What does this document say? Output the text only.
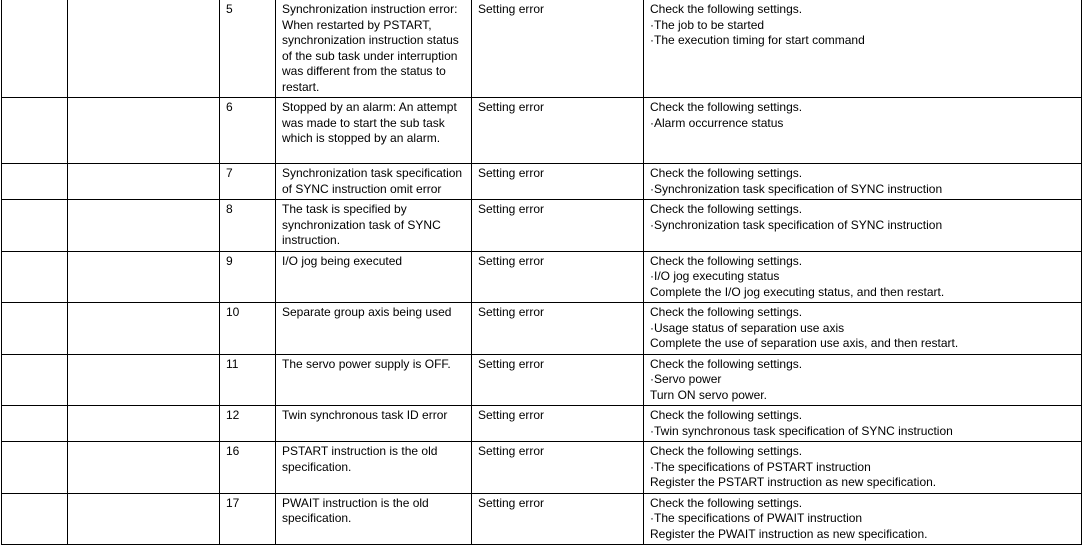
		5	Synchronization instruction error: When restarted by PSTART, synchronization instruction status of the sub task under interruption was different from the status to restart.	Setting error	Check the following settings.
·The job to be started
·The execution timing for start command

		6	Stopped by an alarm: An attempt was made to start the sub task which is stopped by an alarm.	Setting error	Check the following settings.
·Alarm occurrence status

		7	Synchronization task specification of SYNC instruction omit error	Setting error	Check the following settings.
·Synchronization task specification of SYNC instruction

		8	The task is specified by synchronization task of SYNC instruction.	Setting error	Check the following settings.
·Synchronization task specification of SYNC instruction

		9	I/O jog being executed	Setting error	Check the following settings.
·I/O jog executing status
Complete the I/O jog executing status, and then restart.

		10	Separate group axis being used	Setting error	Check the following settings.
·Usage status of separation use axis
Complete the use of separation use axis, and then restart.

		11	The servo power supply is OFF.	Setting error	Check the following settings.
·Servo power
Turn ON servo power.

		12	Twin synchronous task ID error	Setting error	Check the following settings.
·Twin synchronous task specification of SYNC instruction

		16	PSTART instruction is the old specification.	Setting error	Check the following settings.
·The specifications of PSTART instruction
Register the PSTART instruction as new specification.

		17	PWAIT instruction is the old specification.	Setting error	Check the following settings.
·The specifications of PWAIT instruction
Register the PWAIT instruction as new specification.
